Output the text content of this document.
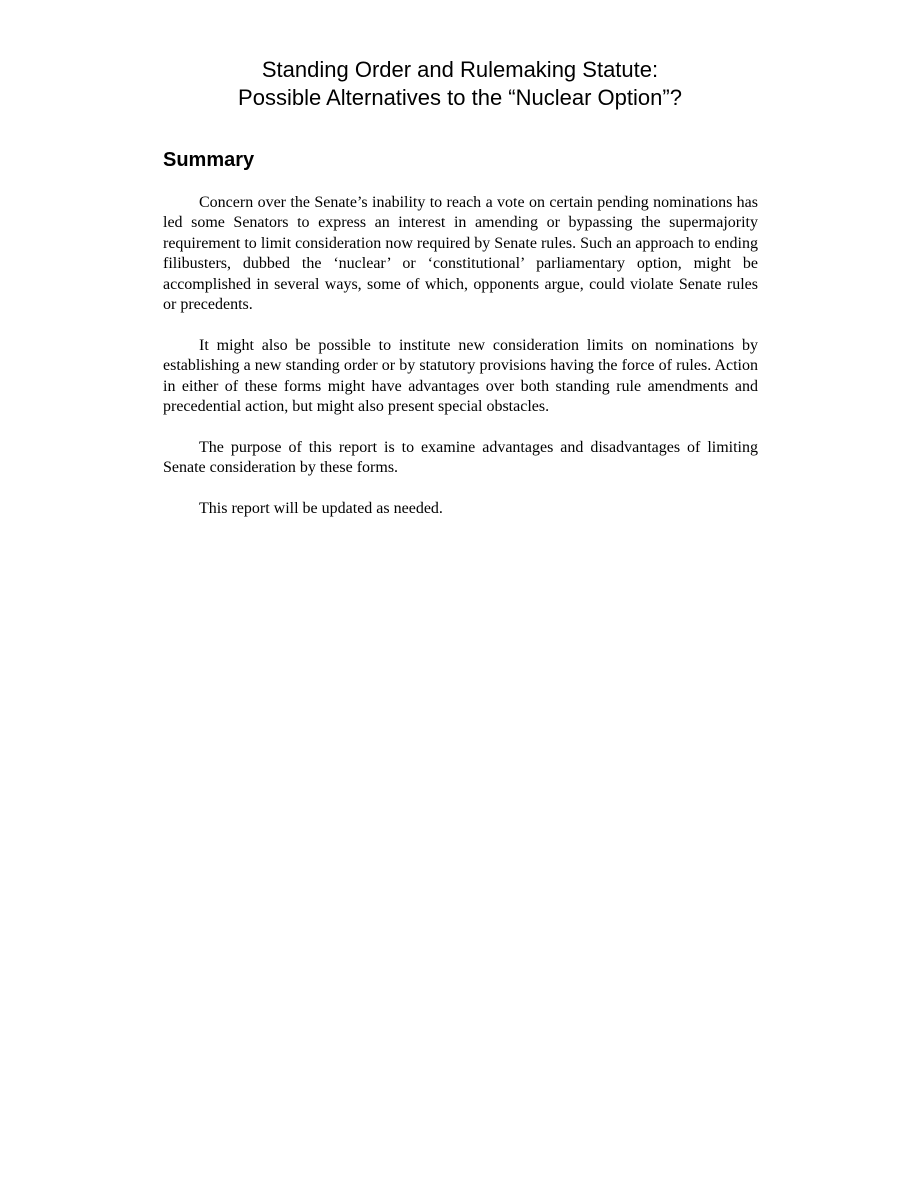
Standing Order and Rulemaking Statute:
Possible Alternatives to the “Nuclear Option”?
Summary

Concern over the Senate’s inability to reach a vote on certain pending nominations has led some Senators to express an interest in amending or bypassing the supermajority requirement to limit consideration now required by Senate rules. Such an approach to ending filibusters, dubbed the ‘nuclear’ or ‘constitutional’ parliamentary option, might be accomplished in several ways, some of which, opponents argue, could violate Senate rules or precedents.

It might also be possible to institute new consideration limits on nominations by establishing a new standing order or by statutory provisions having the force of rules. Action in either of these forms might have advantages over both standing rule amendments and precedential action, but might also present special obstacles.

The purpose of this report is to examine advantages and disadvantages of limiting Senate consideration by these forms.

This report will be updated as needed.
